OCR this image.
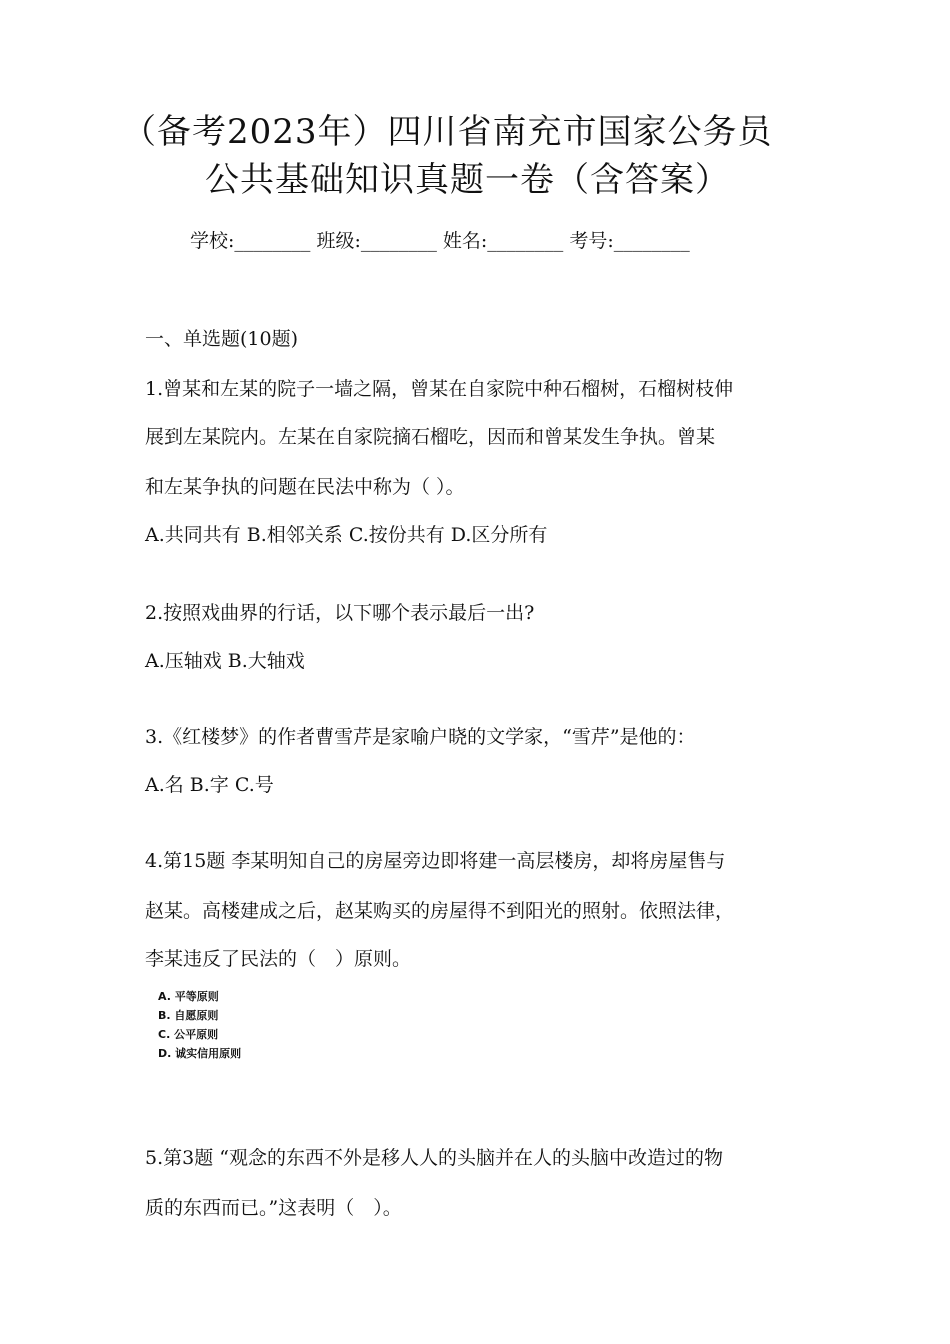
（备考2023年）四川省南充市国家公务员
公共基础知识真题一卷（含答案）
学校:________ 班级:________ 姓名:________ 考号:________
一、单选题(10题)
1.曾某和左某的院子一墙之隔，曾某在自家院中种石榴树，石榴树枝伸
展到左某院内。左某在自家院摘石榴吃，因而和曾某发生争执。曾某
和左某争执的问题在民法中称为（ ）。
A.共同共有 B.相邻关系 C.按份共有 D.区分所有
2.按照戏曲界的行话，以下哪个表示最后一出?
A.压轴戏 B.大轴戏
3.《红楼梦》的作者曹雪芹是家喻户晓的文学家，“雪芹”是他的：
A.名 B.字 C.号
4.第15题 李某明知自己的房屋旁边即将建一高层楼房，却将房屋售与
赵某。高楼建成之后，赵某购买的房屋得不到阳光的照射。依照法律，
李某违反了民法的（　）原则。
A. 平等原则
B. 自愿原则
C. 公平原则
D. 诚实信用原则
5.第3题 “观念的东西不外是移人人的头脑并在人的头脑中改造过的物
质的东西而已。”这表明（　）。
